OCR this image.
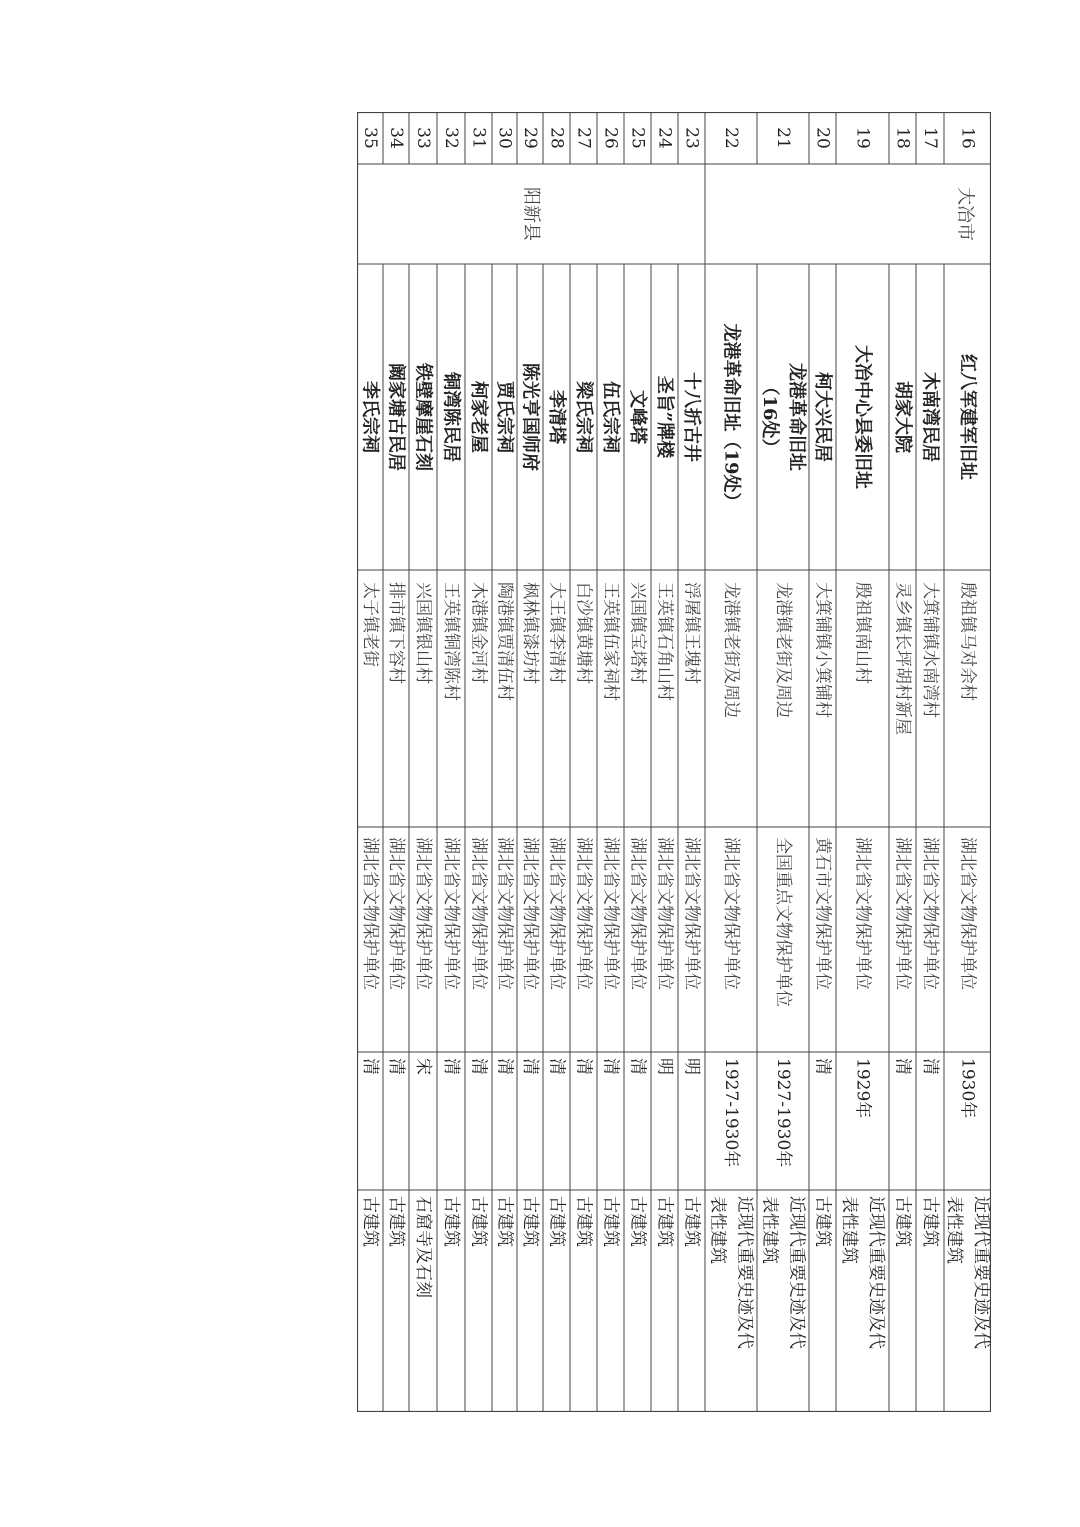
16
红八军建军旧址
殷祖镇马对余村
湖北省文物保护单位
1930年
近现代重要史迹及代
表性建筑
17
木南湾民居
大箕铺镇水南湾村
湖北省文物保护单位
清
古建筑
18
胡家大院
灵乡镇长坪胡村新屋
湖北省文物保护单位
清
古建筑
19
大冶中心县委旧址
殷祖镇南山村
湖北省文物保护单位
1929年
近现代重要史迹及代
表性建筑
20
柯大兴民居
大箕铺镇小箕铺村
黄石市文物保护单位
清
古建筑
21
龙港革命旧址
（16处）
龙港镇老街及周边
全国重点文物保护单位
1927-1930年
近现代重要史迹及代
表性建筑
22
龙港革命旧址（19处）
龙港镇老街及周边
湖北省文物保护单位
1927-1930年
近现代重要史迹及代
表性建筑
23
十八折古井
浮屠镇王塊村
湖北省文物保护单位
明
古建筑
24
圣旨”牌楼
王英镇石角山村
湖北省文物保护单位
明
古建筑
25
文峰塔
兴国镇宝塔村
湖北省文物保护单位
清
古建筑
26
伍氏宗祠
王英镇伍家祠村
湖北省文物保护单位
清
古建筑
27
梁氏宗祠
白沙镇黄塘村
湖北省文物保护单位
清
古建筑
28
李清塔
大王镇李清村
湖北省文物保护单位
清
古建筑
29
陈光亨国师府
枫林镇漆坊村
湖北省文物保护单位
清
古建筑
30
贾氏宗祠
陶港镇贾清伍村
湖北省文物保护单位
清
古建筑
31
柯家老屋
木港镇金河村
湖北省文物保护单位
清
古建筑
32
铜湾陈民居
王英镇铜湾陈村
湖北省文物保护单位
清
古建筑
33
铁壁摩崖石刻
兴国镇银山村
湖北省文物保护单位
宋
石窟寺及石刻
34
阚家塘古民居
排市镇下容村
湖北省文物保护单位
清
古建筑
35
李氏宗祠
太子镇老街
湖北省文物保护单位
清
古建筑
大冶市
阳新县
